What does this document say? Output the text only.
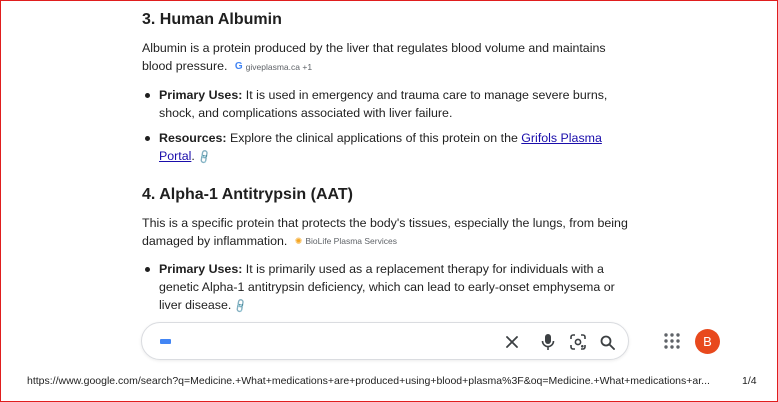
3. Human Albumin

Albumin is a protein produced by the liver that regulates blood volume and maintains blood pressure. G giveplasma.ca +1

Primary Uses: It is used in emergency and trauma care to manage severe burns, shock, and complications associated with liver failure.
Resources: Explore the clinical applications of this protein on the Grifols Plasma Portal. 🔗
4. Alpha-1 Antitrypsin (AAT)

This is a specific protein that protects the body's tissues, especially the lungs, from being damaged by inflammation. ✺ BioLife Plasma Services

Primary Uses: It is primarily used as a replacement therapy for individuals with a genetic Alpha-1 antitrypsin deficiency, which can lead to early-onset emphysema or liver disease. 🔗
B
https://www.google.com/search?q=Medicine.+What+medications+are+produced+using+blood+plasma%3F&oq=Medicine.+What+medications+ar...	1/4
